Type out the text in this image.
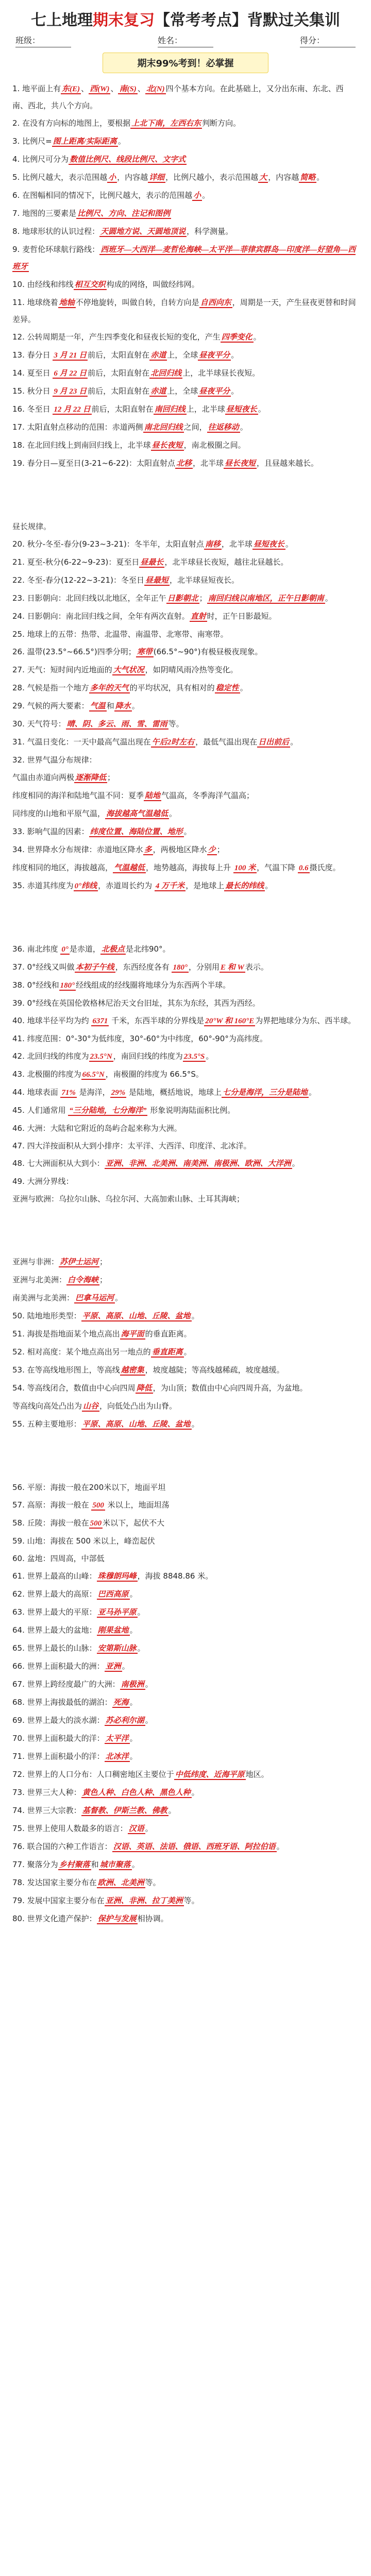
七上地理期末复习【常考考点】背默过关集训
班级：	姓名：	得分：
期末99%考到！必掌握
1. 地平面上有 东(E) 、 西(W) 、 南(S) 、 北(N) 四个基本方向。在此基础上，又分出东南、东北、西南、西北，共八个方向。
2. 在没有方向标的地图上，要根据 上北下南，左西右东 判断方向。
3. 比例尺= 图上距离/实际距离 。
4. 比例尺可分为 数值比例尺、线段比例尺、文字式
5. 比例尺越大，表示范围越 小 ，内容越 详细 ，比例尺越小，表示范围越 大 ，内容越 简略 。
6. 在图幅相同的情况下，比例尺越大，表示的范围越 小 。
7. 地图的三要素是 比例尺、方向、注记和图例
8. 地球形状的认识过程： 天圆地方说、天圆地顶说 ，科学测量。
9. 麦哲伦环球航行路线： 西班牙—大西洋—麦哲伦海峡—太平洋—菲律宾群岛—印度洋—好望角—西班牙
10. 由经线和纬线 相互交织 构成的网络，叫做经纬网。
11. 地球绕着 地轴 不停地旋转，叫做自转，自转方向是 自西向东 ，周期是一天，产生昼夜更替和时间差异。
12. 公转周期是一年，产生四季变化和昼夜长短的变化，产生 四季变化 。
13. 春分日 3 月 21 日 前后，太阳直射在 赤道 上，全球 昼夜平分 。
14. 夏至日 6 月 22 日 前后，太阳直射在 北回归线 上，北半球昼长夜短。
15. 秋分日 9 月 23 日 前后，太阳直射在 赤道 上，全球 昼夜平分 。
16. 冬至日 12 月 22 日 前后，太阳直射在 南回归线 上，北半球 昼短夜长 。
17. 太阳直射点移动的范围：赤道两侧 南北回归线 之间， 往返移动 。
18. 在北回归线上到南回归线上，北半球 昼长夜短 ，南北极圈之间。
19. 春分日—夏至日(3-21~6-22)：太阳直射点 北移 ，北半球 昼长夜短 ，且昼越来越长。
昼长规律。
20. 秋分-冬至-春分(9-23~3-21)：冬半年，太阳直射点 南移 ，北半球 昼短夜长 。
21. 夏至-秋分(6-22~9-23)：夏至日 昼最长 ，北半球昼长夜短，越往北昼越长。
22. 冬至-春分(12-22~3-21)：冬至日 昼最短 ，北半球昼短夜长。
23. 日影朝向：北回归线以北地区，全年正午 日影朝北 ； 南回归线以南地区，正午日影朝南 。
24. 日影朝向：南北回归线之间，全年有两次直射。 直射 时，正午日影最短。
25. 地球上的五带：热带、北温带、南温带、北寒带、南寒带。
26. 温带(23.5°~66.5°)四季分明； 寒带 (66.5°~90°)有极昼极夜现象。
27. 天气：短时间内近地面的 大气状况 ，如阴晴风雨冷热等变化。
28. 气候是指一个地方 多年的天气 的平均状况，具有相对的 稳定性 。
29. 气候的两大要素： 气温 和 降水 。
30. 天气符号： 晴、阴、多云、雨、雪、雷雨 等。
31. 气温日变化：一天中最高气温出现在 午后2时左右 ，最低气温出现在 日出前后 。
32. 世界气温分布规律：
气温由赤道向两极 逐渐降低 ；
纬度相同的海洋和陆地气温不同：夏季 陆地 气温高，冬季海洋气温高；
同纬度的山地和平原气温， 海拔越高气温越低 。
33. 影响气温的因素： 纬度位置、海陆位置、地形 。
34. 世界降水分布规律：赤道地区降水 多 ，两极地区降水 少 ；
纬度相同的地区，海拔越高， 气温越低 ，地势越高，海拔每上升 100 米 ，气温下降 0.6 摄氏度。
35. 赤道其纬度为 0°纬线 ，赤道周长约为 4 万千米 ，是地球上 最长的纬线 。
36. 南北纬度 0° 是赤道， 北极点 是北纬90°。
37. 0°经线又叫做 本初子午线 ，东西经度各有 180° ，分别用 E 和 W 表示。
38. 0°经线和 180° 经线组成的经线圈将地球分为东西两个半球。
39. 0°经线在英国伦敦格林尼治天文台旧址，其东为东经，其西为西经。
40. 地球半径平均为约 6371 千米，东西半球的分界线是 20°W 和 160°E 为界把地球分为东、西半球。
41. 纬度范围：0°-30°为低纬度，30°-60°为中纬度，60°-90°为高纬度。
42. 北回归线的纬度为 23.5°N ，南回归线的纬度为 23.5°S 。
43. 北极圈的纬度为 66.5°N ，南极圈的纬度为 66.5°S。
44. 地球表面 71% 是海洋， 29% 是陆地，概括地说，地球上 七分是海洋，三分是陆地 。
45. 人们通常用 “三分陆地，七分海洋” 形象说明海陆面积比例。
46. 大洲：大陆和它附近的岛屿合起来称为大洲。
47. 四大洋按面积从大到小排序：太平洋、大西洋、印度洋、北冰洋。
48. 七大洲面积从大到小： 亚洲、非洲、北美洲、南美洲、南极洲、欧洲、大洋洲 。
49. 大洲分界线：
亚洲与欧洲：乌拉尔山脉、乌拉尔河、大高加索山脉、土耳其海峡；
亚洲与非洲： 苏伊士运河 ；
亚洲与北美洲： 白令海峡 ；
南美洲与北美洲： 巴拿马运河 。
50. 陆地地形类型： 平原、高原、山地、丘陵、盆地 。
51. 海拔是指地面某个地点高出 海平面 的垂直距离。
52. 相对高度：某个地点高出另一地点的 垂直距离 。
53. 在等高线地形图上，等高线 越密集 ，坡度越陡；等高线越稀疏，坡度越缓。
54. 等高线闭合，数值由中心向四周 降低 ，为山顶；数值由中心向四周升高，为盆地。
等高线向高处凸出为 山谷 ，向低处凸出为山脊。
55. 五种主要地形： 平原、高原、山地、丘陵、盆地 。
56. 平原：海拔一般在200米以下，地面平坦
57. 高原：海拔一般在 500 米以上，地面坦荡
58. 丘陵：海拔一般在 500 米以下，起伏不大
59. 山地：海拔在 500 米以上，峰峦起伏
60. 盆地：四周高，中部低
61. 世界上最高的山峰： 珠穆朗玛峰 ，海拔 8848.86 米。
62. 世界上最大的高原： 巴西高原 。
63. 世界上最大的平原： 亚马孙平原 。
64. 世界上最大的盆地： 刚果盆地 。
65. 世界上最长的山脉： 安第斯山脉 。
66. 世界上面积最大的洲： 亚洲 。
67. 世界上跨经度最广的大洲： 南极洲 。
68. 世界上海拔最低的湖泊： 死海 。
69. 世界上最大的淡水湖： 苏必利尔湖 。
70. 世界上面积最大的洋： 太平洋 。
71. 世界上面积最小的洋： 北冰洋 。
72. 世界上的人口分布：人口稠密地区主要位于 中低纬度、近海平原 地区。
73. 世界三大人种： 黄色人种、白色人种、黑色人种 。
74. 世界三大宗教： 基督教、伊斯兰教、佛教 。
75. 世界上使用人数最多的语言： 汉语 。
76. 联合国的六种工作语言： 汉语、英语、法语、俄语、西班牙语、阿拉伯语 。
77. 聚落分为 乡村聚落 和 城市聚落 。
78. 发达国家主要分布在 欧洲、北美洲 等。
79. 发展中国家主要分布在 亚洲、非洲、拉丁美洲 等。
80. 世界文化遗产保护： 保护与发展 相协调。
